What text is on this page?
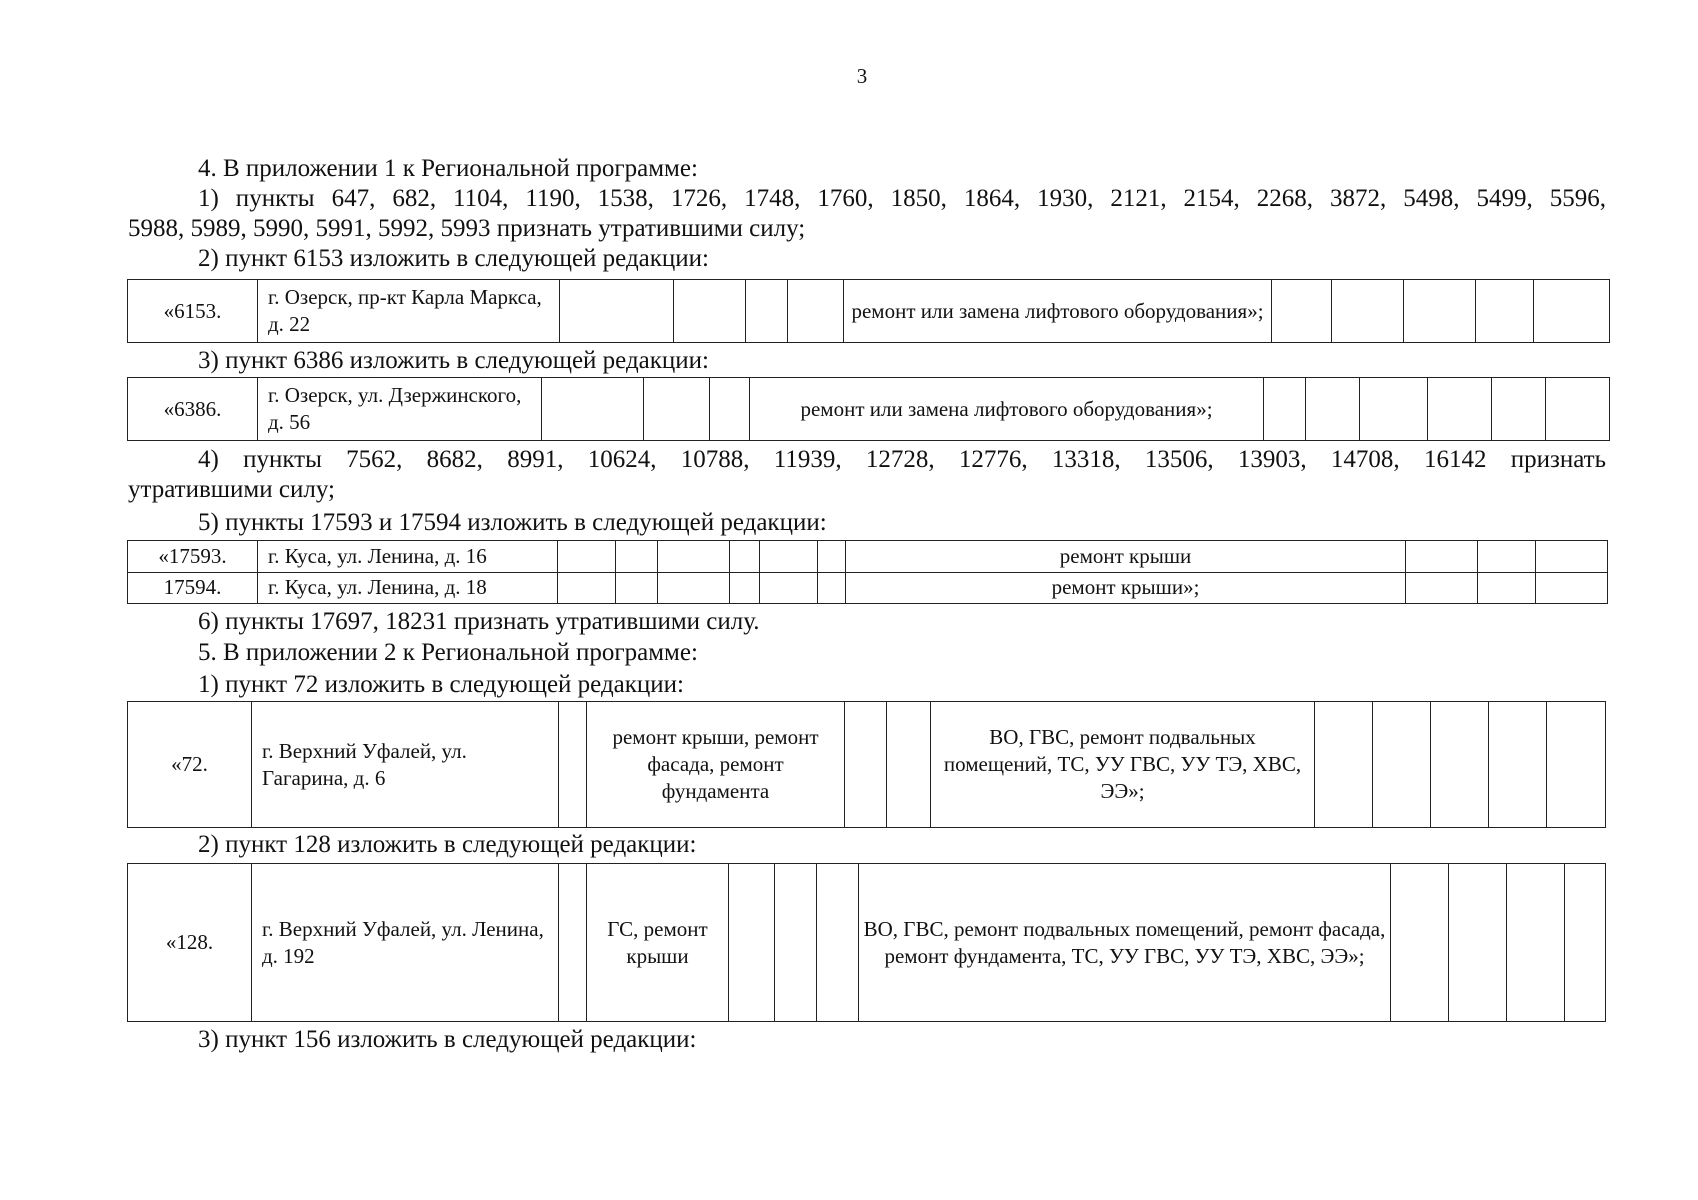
3
4. В приложении 1 к Региональной программе:
1) пункты 647, 682, 1104, 1190, 1538, 1726, 1748, 1760, 1850, 1864, 1930, 2121, 2154, 2268, 3872, 5498, 5499, 5596,
5988, 5989, 5990, 5991, 5992, 5993 признать утратившими силу;
2) пункт 6153 изложить в следующей редакции:
«6153.	г. Озерск, пр-кт Карла Маркса, д. 22					ремонт или замена лифтового оборудования»;					
3) пункт 6386 изложить в следующей редакции:
«6386.	г. Озерск, ул. Дзержинского, д. 56				ремонт или замена лифтового оборудования»;						
4) пункты 7562, 8682, 8991, 10624, 10788, 11939, 12728, 12776, 13318, 13506, 13903, 14708, 16142 признать
утратившими силу;
5) пункты 17593 и 17594 изложить в следующей редакции:
«17593.	г. Куса, ул. Ленина, д. 16							ремонт крыши			
17594.	г. Куса, ул. Ленина, д. 18							ремонт крыши»;			
6) пункты 17697, 18231 признать утратившими силу.
5. В приложении 2 к Региональной программе:
1) пункт 72 изложить в следующей редакции:
«72.	г. Верхний Уфалей, ул. Гагарина, д. 6		ремонт крыши, ремонт фасада, ремонт фундамента			ВО, ГВС, ремонт подвальных помещений, ТС, УУ ГВС, УУ ТЭ, ХВС, ЭЭ»;					
2) пункт 128 изложить в следующей редакции:
«128.	г. Верхний Уфалей, ул. Ленина, д. 192		ГС, ремонт крыши				ВО, ГВС, ремонт подвальных помещений, ремонт фасада, ремонт фундамента, ТС, УУ ГВС, УУ ТЭ, ХВС, ЭЭ»;				
3) пункт 156 изложить в следующей редакции:
